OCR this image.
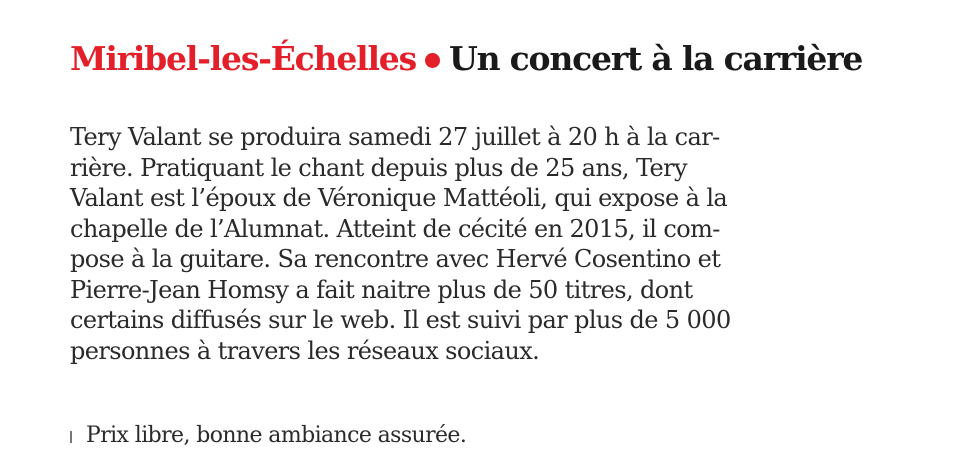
Miribel-les-Échelles Un concert à la carrière
Tery Valant se produira samedi 27 juillet à 20 h à la car-
rière. Pratiquant le chant depuis plus de 25 ans, Tery
Valant est l’époux de Véronique Mattéoli, qui expose à la
chapelle de l’Alumnat. Atteint de cécité en 2015, il com-
pose à la guitare. Sa rencontre avec Hervé Cosentino et
Pierre-Jean Homsy a fait naitre plus de 50 titres, dont
certains diffusés sur le web. Il est suivi par plus de 5 000
personnes à travers les réseaux sociaux.
Prix libre, bonne ambiance assurée.
